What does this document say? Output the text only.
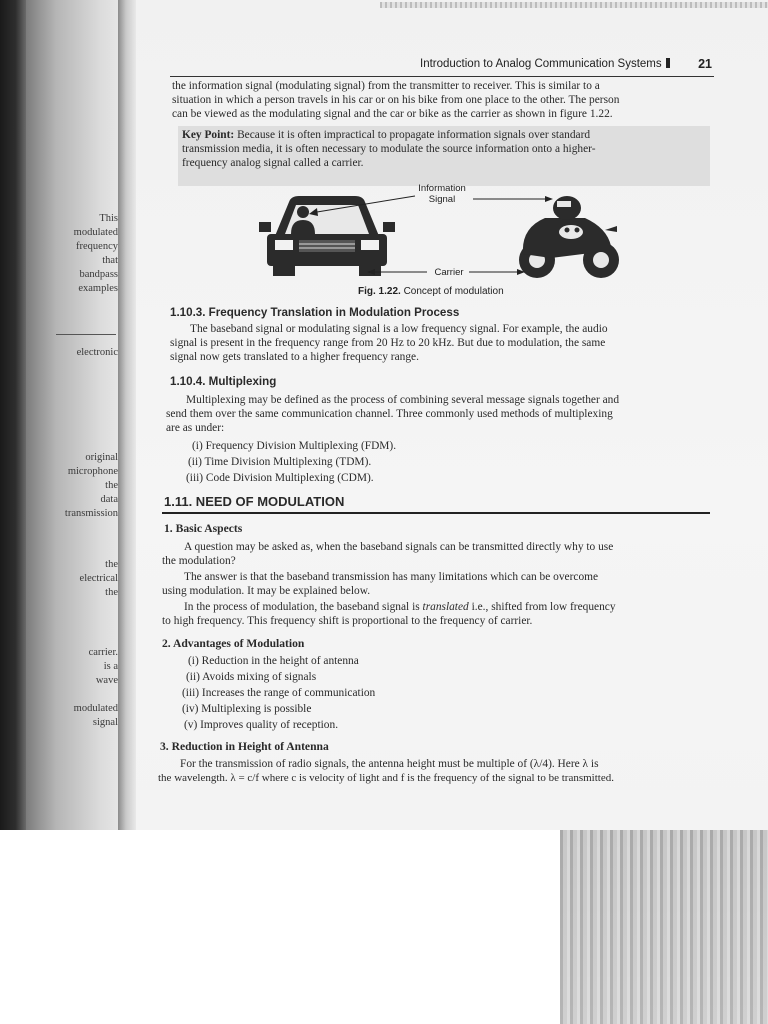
This
modulated
frequency
that
bandpass
examples
electronic
original
microphone
the
data
transmission
the
electrical
the
carrier.
is a
wave
modulated
signal
Introduction to Analog Communication Systems	21
the information signal (modulating signal) from the transmitter to receiver. This is similar to a
situation in which a person travels in his car or on his bike from one place to the other. The person
can be viewed as the modulating signal and the car or bike as the carrier as shown in figure 1.22.
Key Point: Because it is often impractical to propagate information signals over standard
transmission media, it is often necessary to modulate the source information onto a higher-
frequency analog signal called a carrier.
Information
Signal
Carrier
Fig. 1.22. Concept of modulation
1.10.3. Frequency Translation in Modulation Process
The baseband signal or modulating signal is a low frequency signal. For example, the audio
signal is present in the frequency range from 20 Hz to 20 kHz. But due to modulation, the same
signal now gets translated to a higher frequency range.
1.10.4. Multiplexing
Multiplexing may be defined as the process of combining several message signals together and
send them over the same communication channel. Three commonly used methods of multiplexing
are as under:
(i) Frequency Division Multiplexing (FDM).
(ii) Time Division Multiplexing (TDM).
(iii) Code Division Multiplexing (CDM).
1.11. NEED OF MODULATION
1. Basic Aspects
A question may be asked as, when the baseband signals can be transmitted directly why to use
the modulation?
The answer is that the baseband transmission has many limitations which can be overcome
using modulation. It may be explained below.
In the process of modulation, the baseband signal is translated i.e., shifted from low frequency
to high frequency. This frequency shift is proportional to the frequency of carrier.
2. Advantages of Modulation
(i) Reduction in the height of antenna
(ii) Avoids mixing of signals
(iii) Increases the range of communication
(iv) Multiplexing is possible
(v) Improves quality of reception.
3. Reduction in Height of Antenna
For the transmission of radio signals, the antenna height must be multiple of (λ/4). Here λ is
the wavelength. λ = c/f where c is velocity of light and f is the frequency of the signal to be transmitted.
